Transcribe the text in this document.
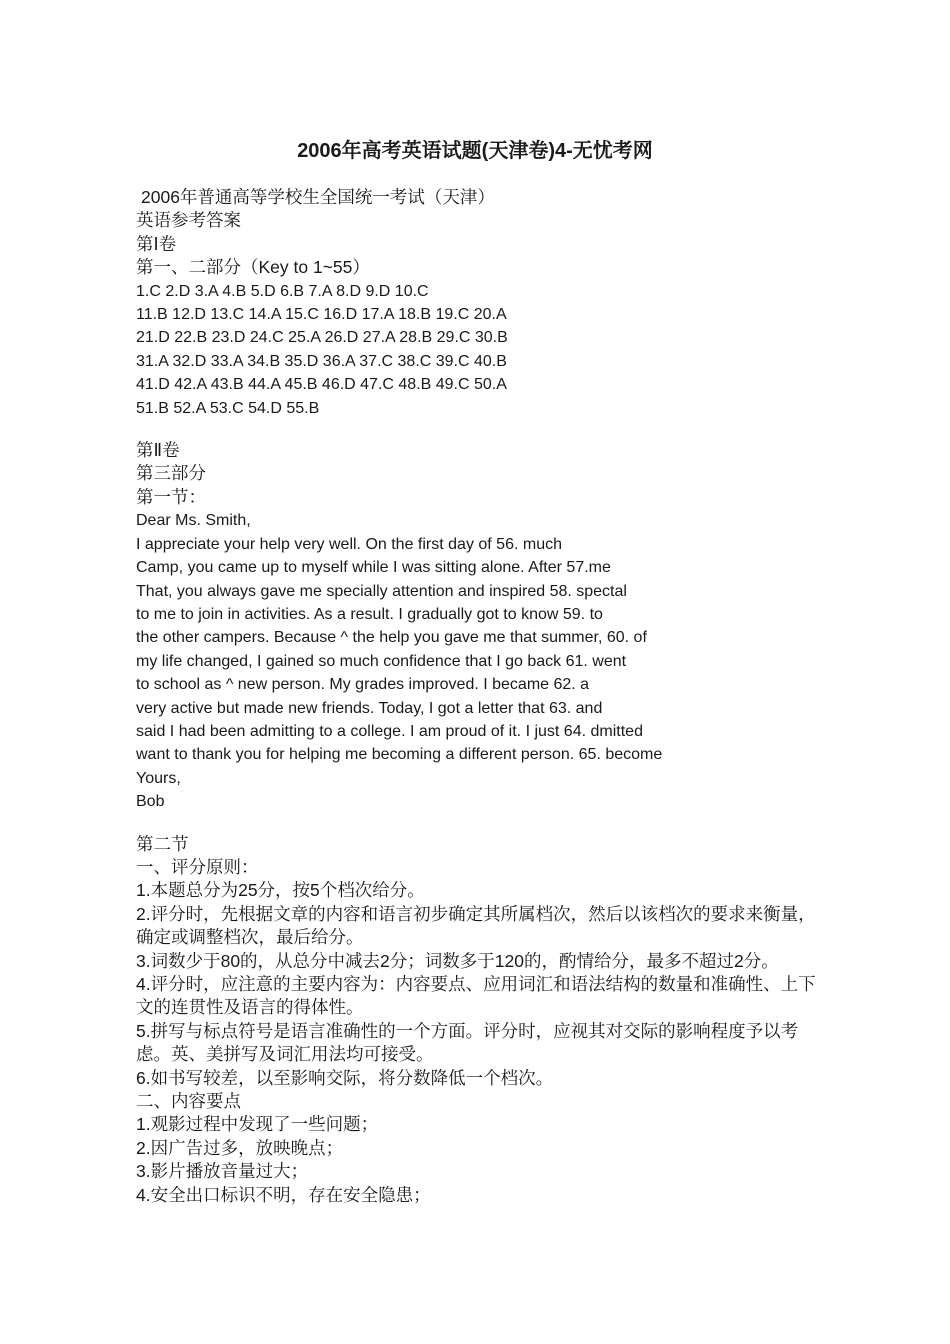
2006年高考英语试题(天津卷)4-无忧考网
2006年普通高等学校生全国统一考试（天津）
英语参考答案
第Ⅰ卷
第一、二部分（Key to 1~55）
1.C 2.D 3.A 4.B 5.D 6.B 7.A 8.D 9.D 10.C
11.B 12.D 13.C 14.A 15.C 16.D 17.A 18.B 19.C 20.A
21.D 22.B 23.D 24.C 25.A 26.D 27.A 28.B 29.C 30.B
31.A 32.D 33.A 34.B 35.D 36.A 37.C 38.C 39.C 40.B
41.D 42.A 43.B 44.A 45.B 46.D 47.C 48.B 49.C 50.A
51.B 52.A 53.C 54.D 55.B
第Ⅱ卷
第三部分
第一节：
Dear Ms. Smith,
I appreciate your help very well. On the first day of 56. much
Camp, you came up to myself while I was sitting alone. After 57.me
That, you always gave me specially attention and inspired 58. spectal
to me to join in activities. As a result. I gradually got to know 59. to
the other campers. Because ^ the help you gave me that summer, 60. of
my life changed, I gained so much confidence that I go back 61. went
to school as ^ new person. My grades improved. I became 62. a
very active but made new friends. Today, I got a letter that 63. and
said I had been admitting to a college. I am proud of it. I just 64. dmitted
want to thank you for helping me becoming a different person. 65. become
Yours,
Bob
第二节
一、评分原则：
1.本题总分为25分，按5个档次给分。
2.评分时，先根据文章的内容和语言初步确定其所属档次，然后以该档次的要求来衡量，确定或调整档次，最后给分。
3.词数少于80的，从总分中减去2分；词数多于120的，酌情给分，最多不超过2分。
4.评分时，应注意的主要内容为：内容要点、应用词汇和语法结构的数量和准确性、上下文的连贯性及语言的得体性。
5.拼写与标点符号是语言准确性的一个方面。评分时，应视其对交际的影响程度予以考虑。英、美拼写及词汇用法均可接受。
6.如书写较差，以至影响交际，将分数降低一个档次。
二、内容要点
1.观影过程中发现了一些问题；
2.因广告过多，放映晚点；
3.影片播放音量过大；
4.安全出口标识不明，存在安全隐患；
